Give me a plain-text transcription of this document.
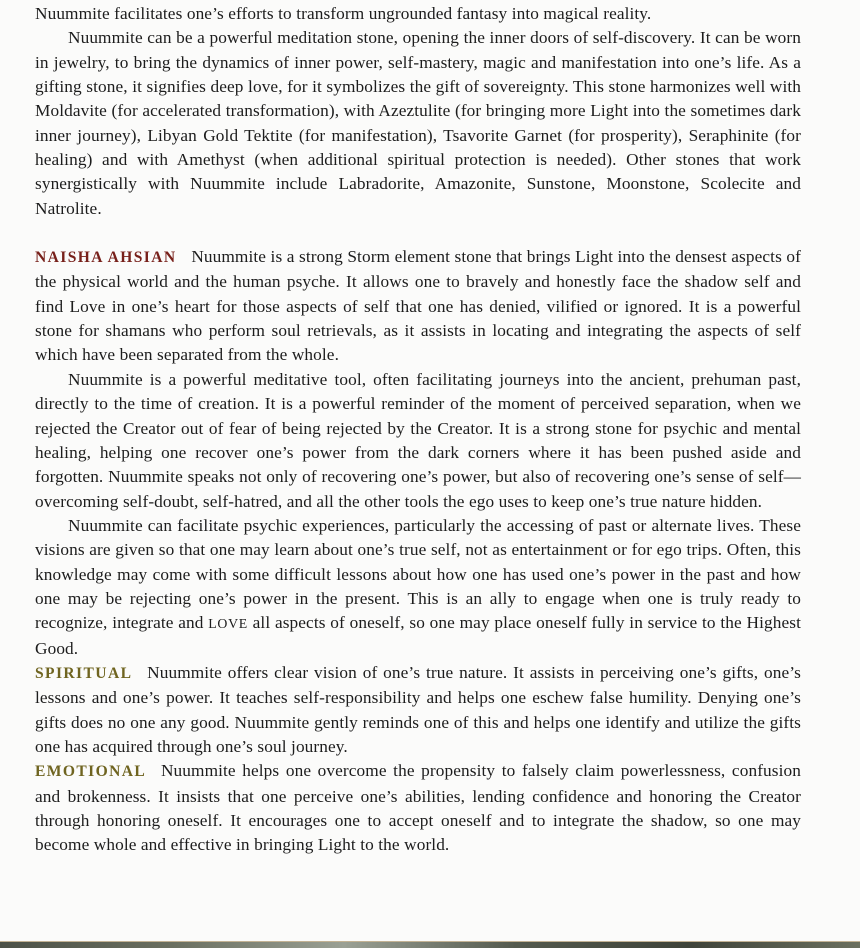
Nuummite facilitates one’s efforts to transform ungrounded fantasy into magical reality.

Nuummite can be a powerful meditation stone, opening the inner doors of self-discovery. It can be worn in jewelry, to bring the dynamics of inner power, self-mastery, magic and manifestation into one’s life. As a gifting stone, it signifies deep love, for it symbolizes the gift of sovereignty. This stone harmonizes well with Moldavite (for accelerated transformation), with Azeztulite (for bringing more Light into the sometimes dark inner journey), Libyan Gold Tektite (for manifestation), Tsavorite Garnet (for prosperity), Seraphinite (for healing) and with Amethyst (when additional spiritual protection is needed). Other stones that work synergistically with Nuummite include Labradorite, Amazonite, Sunstone, Moonstone, Scolecite and Natrolite.

NAISHA AHSIAN Nuummite is a strong Storm element stone that brings Light into the densest aspects of the physical world and the human psyche. It allows one to bravely and honestly face the shadow self and find Love in one’s heart for those aspects of self that one has denied, vilified or ignored. It is a powerful stone for shamans who perform soul retrievals, as it assists in locating and integrating the aspects of self which have been separated from the whole.

Nuummite is a powerful meditative tool, often facilitating journeys into the ancient, prehuman past, directly to the time of creation. It is a powerful reminder of the moment of perceived separation, when we rejected the Creator out of fear of being rejected by the Creator. It is a strong stone for psychic and mental healing, helping one recover one’s power from the dark corners where it has been pushed aside and forgotten. Nuummite speaks not only of recovering one’s power, but also of recovering one’s sense of self—overcoming self-doubt, self-hatred, and all the other tools the ego uses to keep one’s true nature hidden.

Nuummite can facilitate psychic experiences, particularly the accessing of past or alternate lives. These visions are given so that one may learn about one’s true self, not as entertainment or for ego trips. Often, this knowledge may come with some difficult lessons about how one has used one’s power in the past and how one may be rejecting one’s power in the present. This is an ally to engage when one is truly ready to recognize, integrate and LOVE all aspects of oneself, so one may place oneself fully in service to the Highest Good.

SPIRITUAL Nuummite offers clear vision of one’s true nature. It assists in perceiving one’s gifts, one’s lessons and one’s power. It teaches self-responsibility and helps one eschew false humility. Denying one’s gifts does no one any good. Nuummite gently reminds one of this and helps one identify and utilize the gifts one has acquired through one’s soul journey.

EMOTIONAL Nuummite helps one overcome the propensity to falsely claim powerlessness, confusion and brokenness. It insists that one perceive one’s abilities, lending confidence and honoring the Creator through honoring oneself. It encourages one to accept oneself and to integrate the shadow, so one may become whole and effective in bringing Light to the world.
